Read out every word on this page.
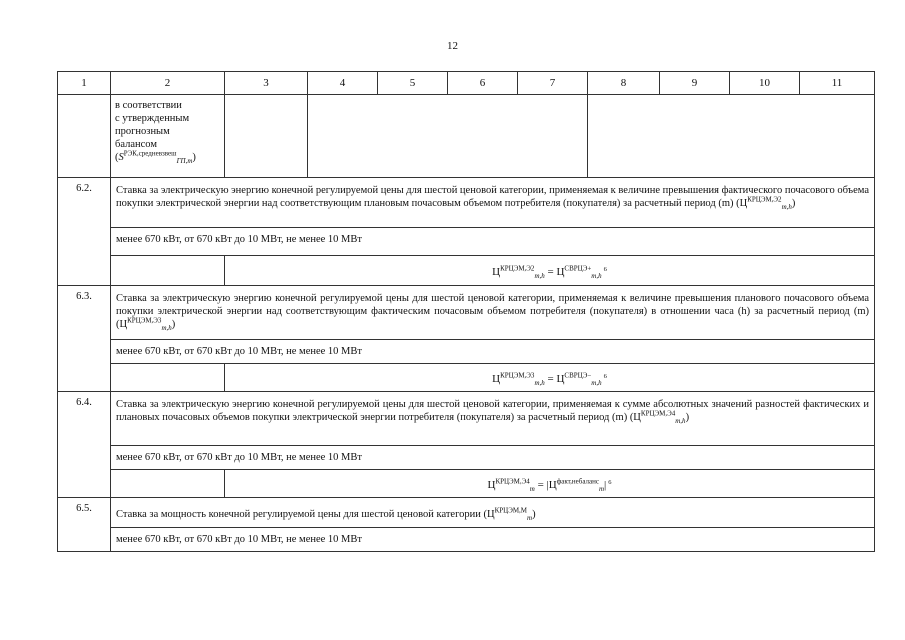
12
1	2	3	4	5	6	7	8	9	10	11

	в соответствии
с утвержденным
прогнозным
балансом
$(S^{РЭК,средневзвеш}_{ГП,m})$									

6.2.	Ставка за электрическую энергию конечной регулируемой цены для шестой ценовой категории, применяемая к величине превышения фактического почасового объема покупки электрической энергии над соответствующим плановым почасовым объемом потребителя (покупателя) за расчетный период (m) $(Ц^{КРЦЭМ,Э2}_{m,h})$									
	менее 670 кВт, от 670 кВт до 10 МВт, не менее 10 МВт									
		$Ц^{КРЦЭМ,Э2}_{m,h} = Ц^{СВРЦЭ+}_{m,h}^6$
6.3.	Ставка за электрическую энергию конечной регулируемой цены для шестой ценовой категории, применяемая к величине превышения планового почасового объема покупки электрической энергии над соответствующим фактическим почасовым объемом потребителя (покупателя) в отношении часа (h) за расчетный период (m) $(Ц^{КРЦЭМ,Э3}_{m,h})$									
	менее 670 кВт, от 670 кВт до 10 МВт, не менее 10 МВт									
		$Ц^{КРЦЭМ,Э3}_{m,h} = Ц^{СВРЦЭ-}_{m,h}^6$
6.4.	Ставка за электрическую энергию конечной регулируемой цены для шестой ценовой категории, применяемая к сумме абсолютных значений разностей фактических и плановых почасовых объемов покупки электрической энергии потребителя (покупателя) за расчетный период (m) $(Ц^{КРЦЭМ,Э4}_{m,h})$									
	менее 670 кВт, от 670 кВт до 10 МВт, не менее 10 МВт									
		$Ц^{КРЦЭМ,Э4}_m = |Ц^{факт,небаланс}_m|$ $^6$
6.5.	Ставка за мощность конечной регулируемой цены для шестой ценовой категории $(Ц^{КРЦЭМ,М}_m)$									
	менее 670 кВт, от 670 кВт до 10 МВт, не менее 10 МВт									
